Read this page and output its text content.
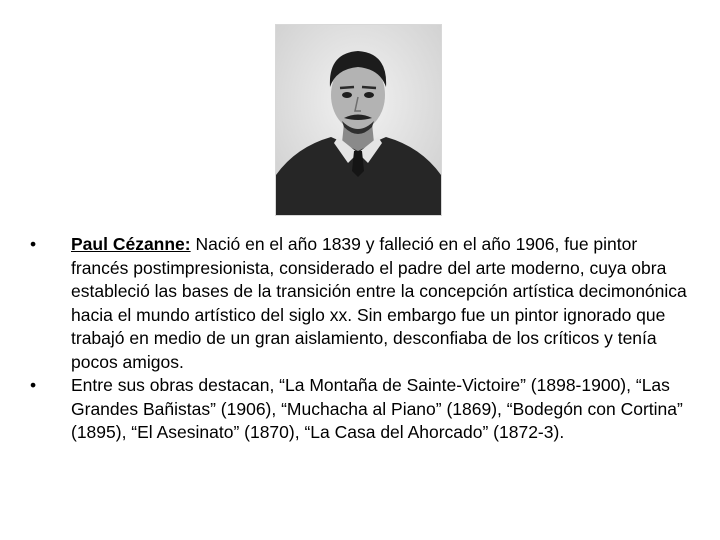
•	Paul Cézanne: Nació en el año 1839 y falleció en el año 1906, fue pintor francés postimpresionista, considerado el padre del arte moderno, cuya obra estableció las bases de la transición entre la concepción artística decimonónica hacia el mundo artístico del siglo xx. Sin embargo fue un pintor ignorado que trabajó en medio de un gran aislamiento, desconfiaba de los críticos y tenía pocos amigos.
•	Entre sus obras destacan, “La Montaña de Sainte-Victoire” (1898-1900), “Las Grandes Bañistas” (1906), “Muchacha al Piano” (1869), “Bodegón con Cortina” (1895), “El Asesinato” (1870), “La Casa del Ahorcado” (1872-3).
